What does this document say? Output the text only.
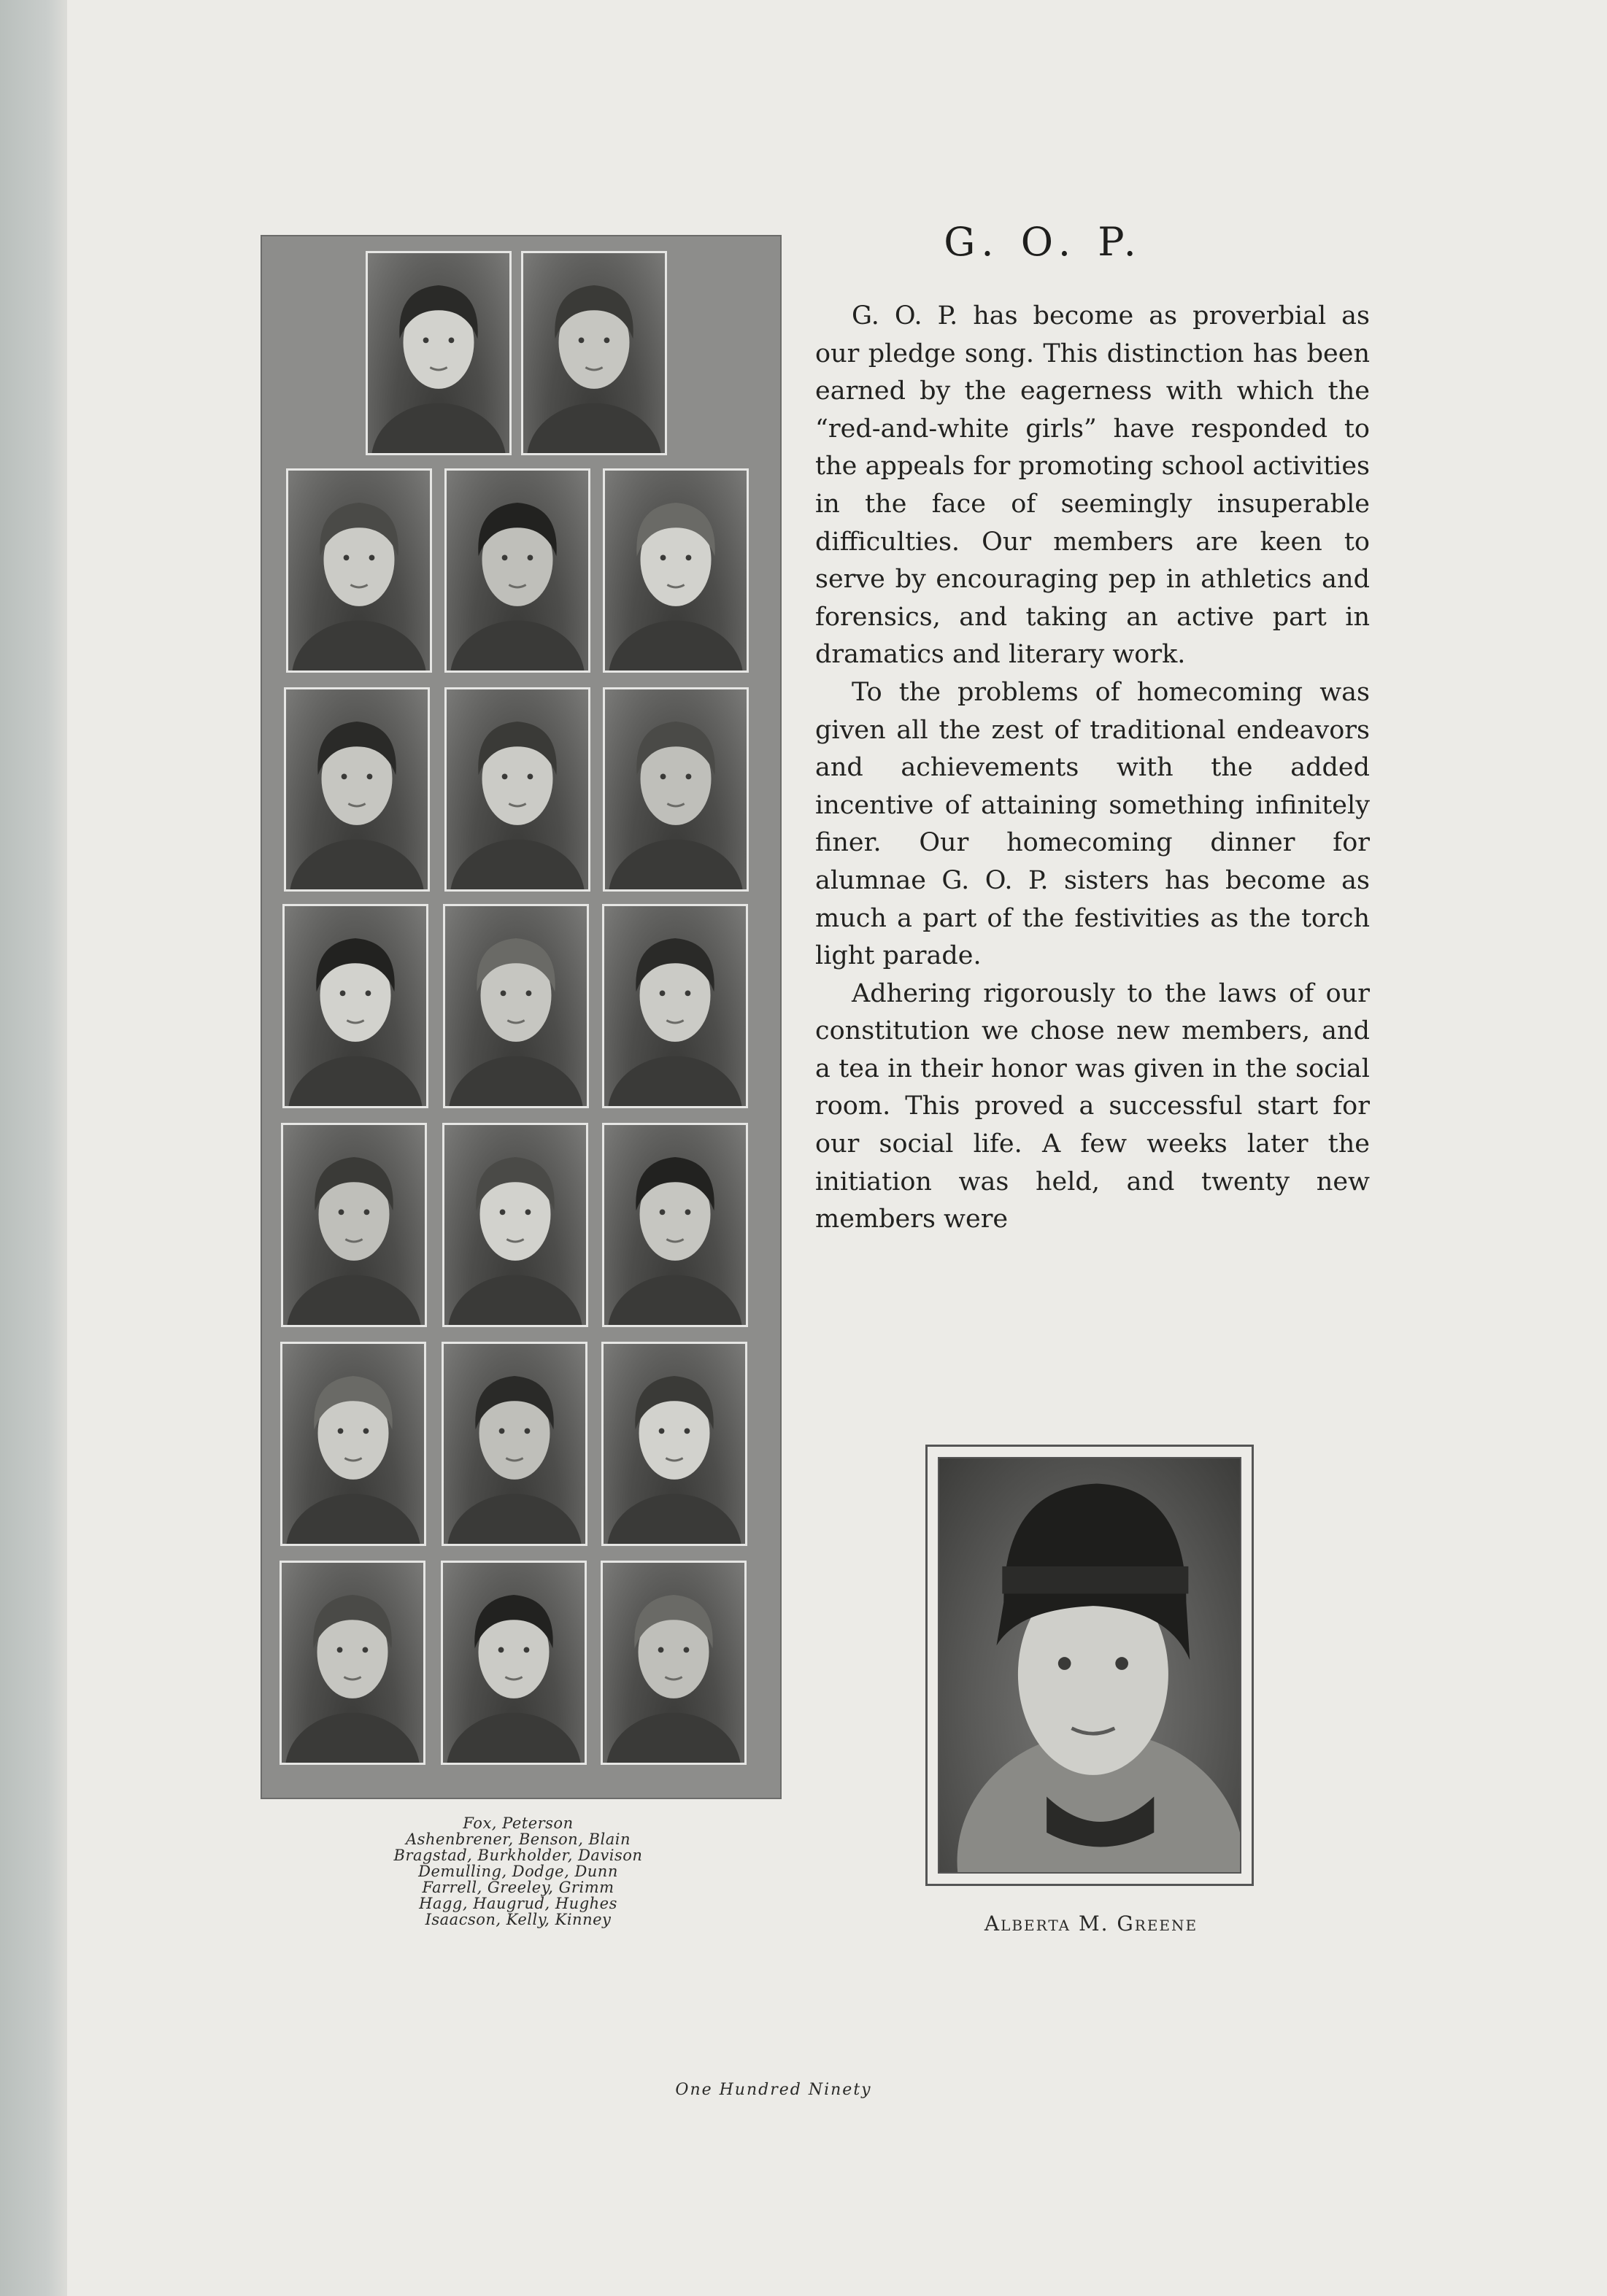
Fox, Peterson
Ashenbrener, Benson, Blain
Bragstad, Burkholder, Davison
Demulling, Dodge, Dunn
Farrell, Greeley, Grimm
Hagg, Haugrud, Hughes
Isaacson, Kelly, Kinney
G. O. P.

G. O. P. has become as proverbial as our pledge song. This distinction has been earned by the eagerness with which the “red-and-white girls” have responded to the appeals for promoting school activities in the face of seemingly insuperable difficulties. Our members are keen to serve by encouraging pep in athletics and forensics, and taking an active part in dramatics and literary work.

To the problems of homecoming was given all the zest of traditional endeavors and achievements with the added incentive of attaining something infinitely finer. Our homecoming dinner for alumnae G. O. P. sisters has become as much a part of the festivities as the torch light parade.

Adhering rigorously to the laws of our constitution we chose new members, and a tea in their honor was given in the social room. This proved a successful start for our social life. A few weeks later the initiation was held, and twenty new members were

Alberta M. Greene
One Hundred Ninety
